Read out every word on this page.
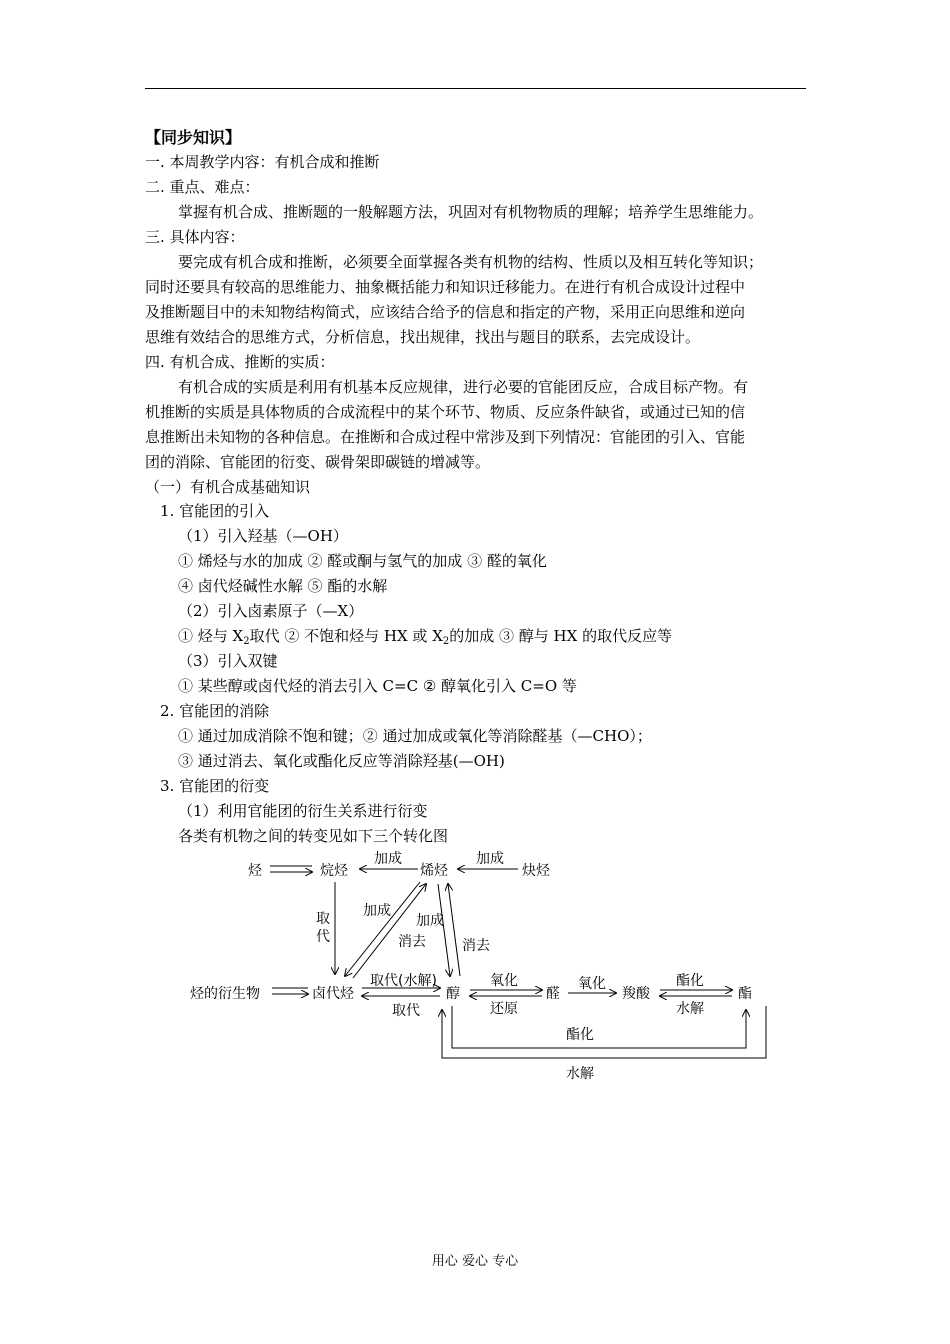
【同步知识】
一. 本周教学内容：有机合成和推断
二. 重点、难点：
掌握有机合成、推断题的一般解题方法，巩固对有机物物质的理解；培养学生思维能力。
三. 具体内容：
要完成有机合成和推断，必须要全面掌握各类有机物的结构、性质以及相互转化等知识；
同时还要具有较高的思维能力、抽象概括能力和知识迁移能力。在进行有机合成设计过程中
及推断题目中的未知物结构简式，应该结合给予的信息和指定的产物，采用正向思维和逆向
思维有效结合的思维方式，分析信息，找出规律，找出与题目的联系，去完成设计。
四. 有机合成、推断的实质：
有机合成的实质是利用有机基本反应规律，进行必要的官能团反应，合成目标产物。有
机推断的实质是具体物质的合成流程中的某个环节、物质、反应条件缺省，或通过已知的信
息推断出未知物的各种信息。在推断和合成过程中常涉及到下列情况：官能团的引入、官能
团的消除、官能团的衍变、碳骨架即碳链的增减等。
（一）有机合成基础知识
1. 官能团的引入
（1）引入羟基（—OH）
① 烯烃与水的加成 ② 醛或酮与氢气的加成 ③ 醛的氧化
④ 卤代烃碱性水解 ⑤ 酯的水解
（2）引入卤素原子（—X）
① 烃与 $X_2$取代 ② 不饱和烃与 HX 或 $X_2$的加成 ③ 醇与 HX 的取代反应等
（3）引入双键
① 某些醇或卤代烃的消去引入 C=C ② 醇氧化引入 C=O 等
2. 官能团的消除
① 通过加成消除不饱和键；② 通过加成或氧化等消除醛基（—CHO）；
③ 通过消去、氧化或酯化反应等消除羟基(—OH)
3. 官能团的衍变
（1）利用官能团的衍生关系进行衍变
各类有机物之间的转变见如下三个转化图
烃	烷烃	烯烃	炔烃
烃的衍生物	卤代烃	醇	醛	羧酸	酯
加成	加成
取代
加成
加成
消去	消去
取代(水解)
取代
氧化
还原
氧化	酯化
水解
酯化
水解
用心 爱心 专心
